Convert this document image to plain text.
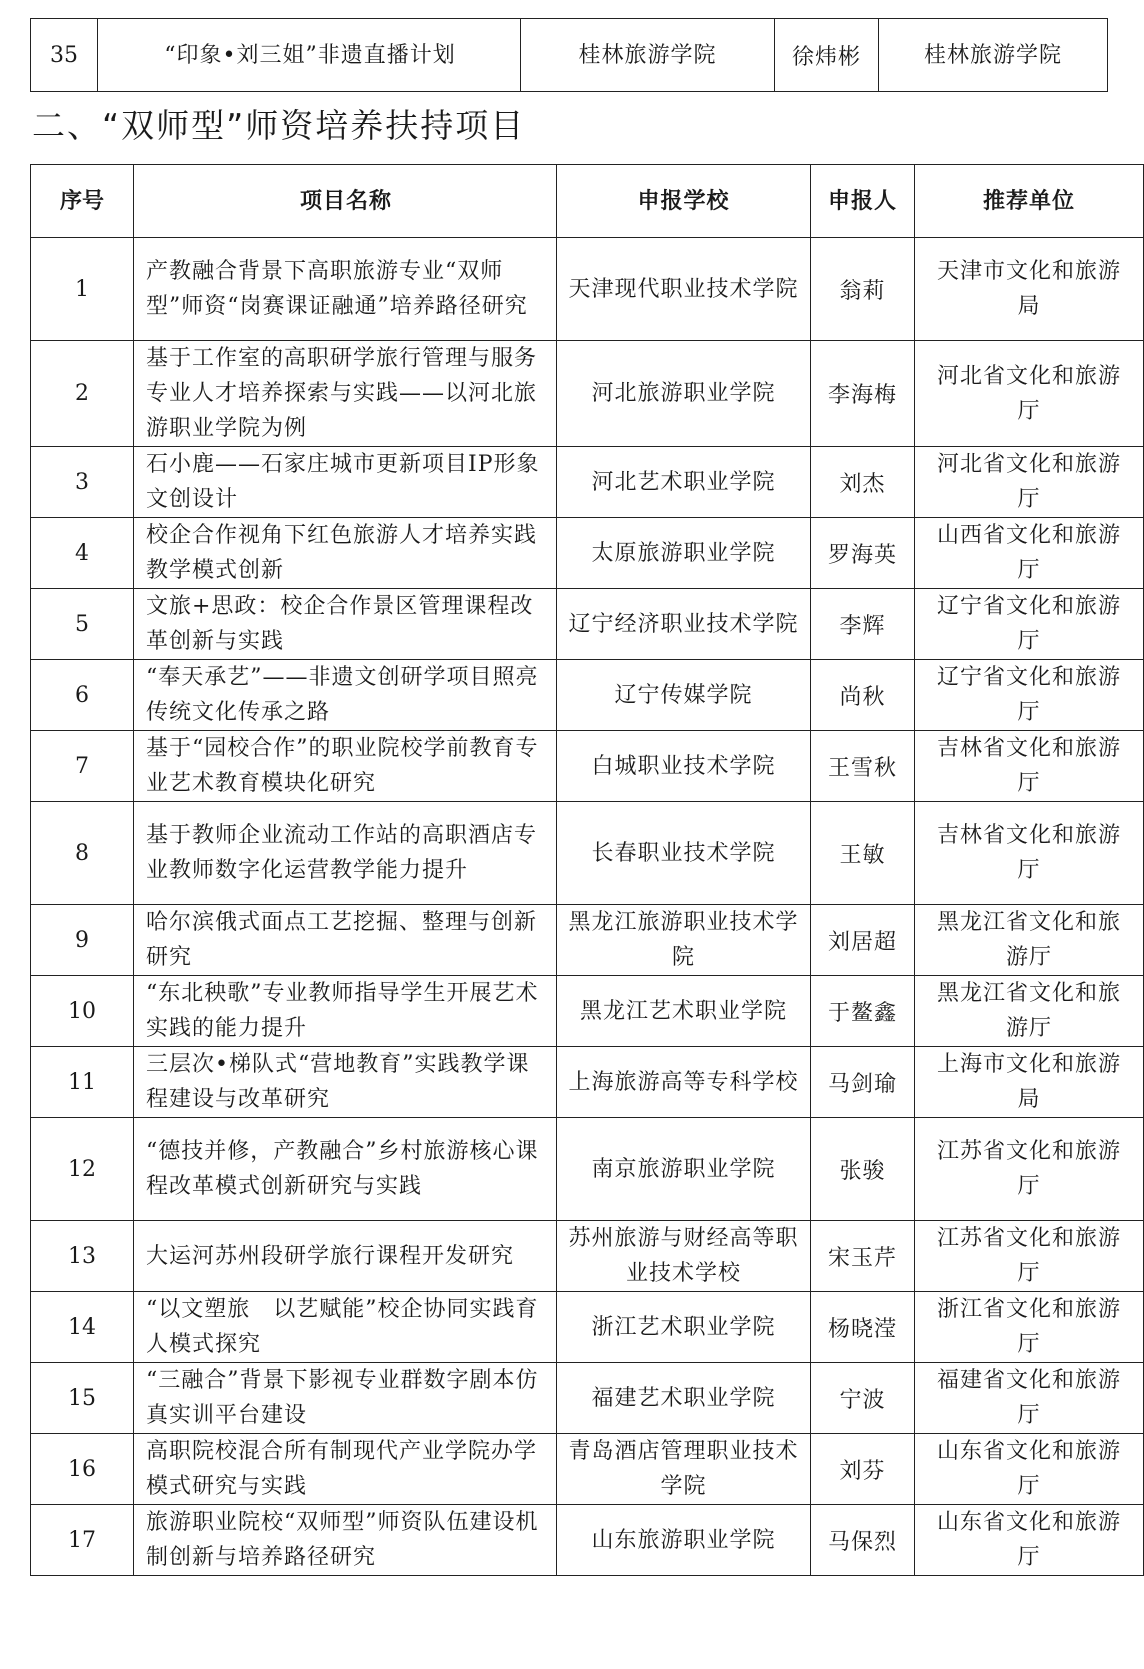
35	“印象•刘三姐”非遗直播计划	桂林旅游学院	徐炜彬	桂林旅游学院
二、“双师型”师资培养扶持项目
序号	项目名称	申报学校	申报人	推荐单位
1	产教融合背景下高职旅游专业“双师型”师资“岗赛课证融通”培养路径研究	天津现代职业技术学院	翁莉	天津市文化和旅游局
2	基于工作室的高职研学旅行管理与服务专业人才培养探索与实践——以河北旅游职业学院为例	河北旅游职业学院	李海梅	河北省文化和旅游厅
3	石小鹿——石家庄城市更新项目IP形象文创设计	河北艺术职业学院	刘杰	河北省文化和旅游厅
4	校企合作视角下红色旅游人才培养实践教学模式创新	太原旅游职业学院	罗海英	山西省文化和旅游厅
5	文旅+思政：校企合作景区管理课程改革创新与实践	辽宁经济职业技术学院	李辉	辽宁省文化和旅游厅
6	“奉天承艺”——非遗文创研学项目照亮传统文化传承之路	辽宁传媒学院	尚秋	辽宁省文化和旅游厅
7	基于“园校合作”的职业院校学前教育专业艺术教育模块化研究	白城职业技术学院	王雪秋	吉林省文化和旅游厅
8	基于教师企业流动工作站的高职酒店专业教师数字化运营教学能力提升	长春职业技术学院	王敏	吉林省文化和旅游厅
9	哈尔滨俄式面点工艺挖掘、整理与创新研究	黑龙江旅游职业技术学院	刘居超	黑龙江省文化和旅游厅
10	“东北秧歌”专业教师指导学生开展艺术实践的能力提升	黑龙江艺术职业学院	于鳌鑫	黑龙江省文化和旅游厅
11	三层次•梯队式“营地教育”实践教学课程建设与改革研究	上海旅游高等专科学校	马剑瑜	上海市文化和旅游局
12	“德技并修，产教融合”乡村旅游核心课程改革模式创新研究与实践	南京旅游职业学院	张骏	江苏省文化和旅游厅
13	大运河苏州段研学旅行课程开发研究	苏州旅游与财经高等职业技术学校	宋玉芹	江苏省文化和旅游厅
14	“以文塑旅　以艺赋能”校企协同实践育人模式探究	浙江艺术职业学院	杨晓滢	浙江省文化和旅游厅
15	“三融合”背景下影视专业群数字剧本仿真实训平台建设	福建艺术职业学院	宁波	福建省文化和旅游厅
16	高职院校混合所有制现代产业学院办学模式研究与实践	青岛酒店管理职业技术学院	刘芬	山东省文化和旅游厅
17	旅游职业院校“双师型”师资队伍建设机制创新与培养路径研究	山东旅游职业学院	马保烈	山东省文化和旅游厅
